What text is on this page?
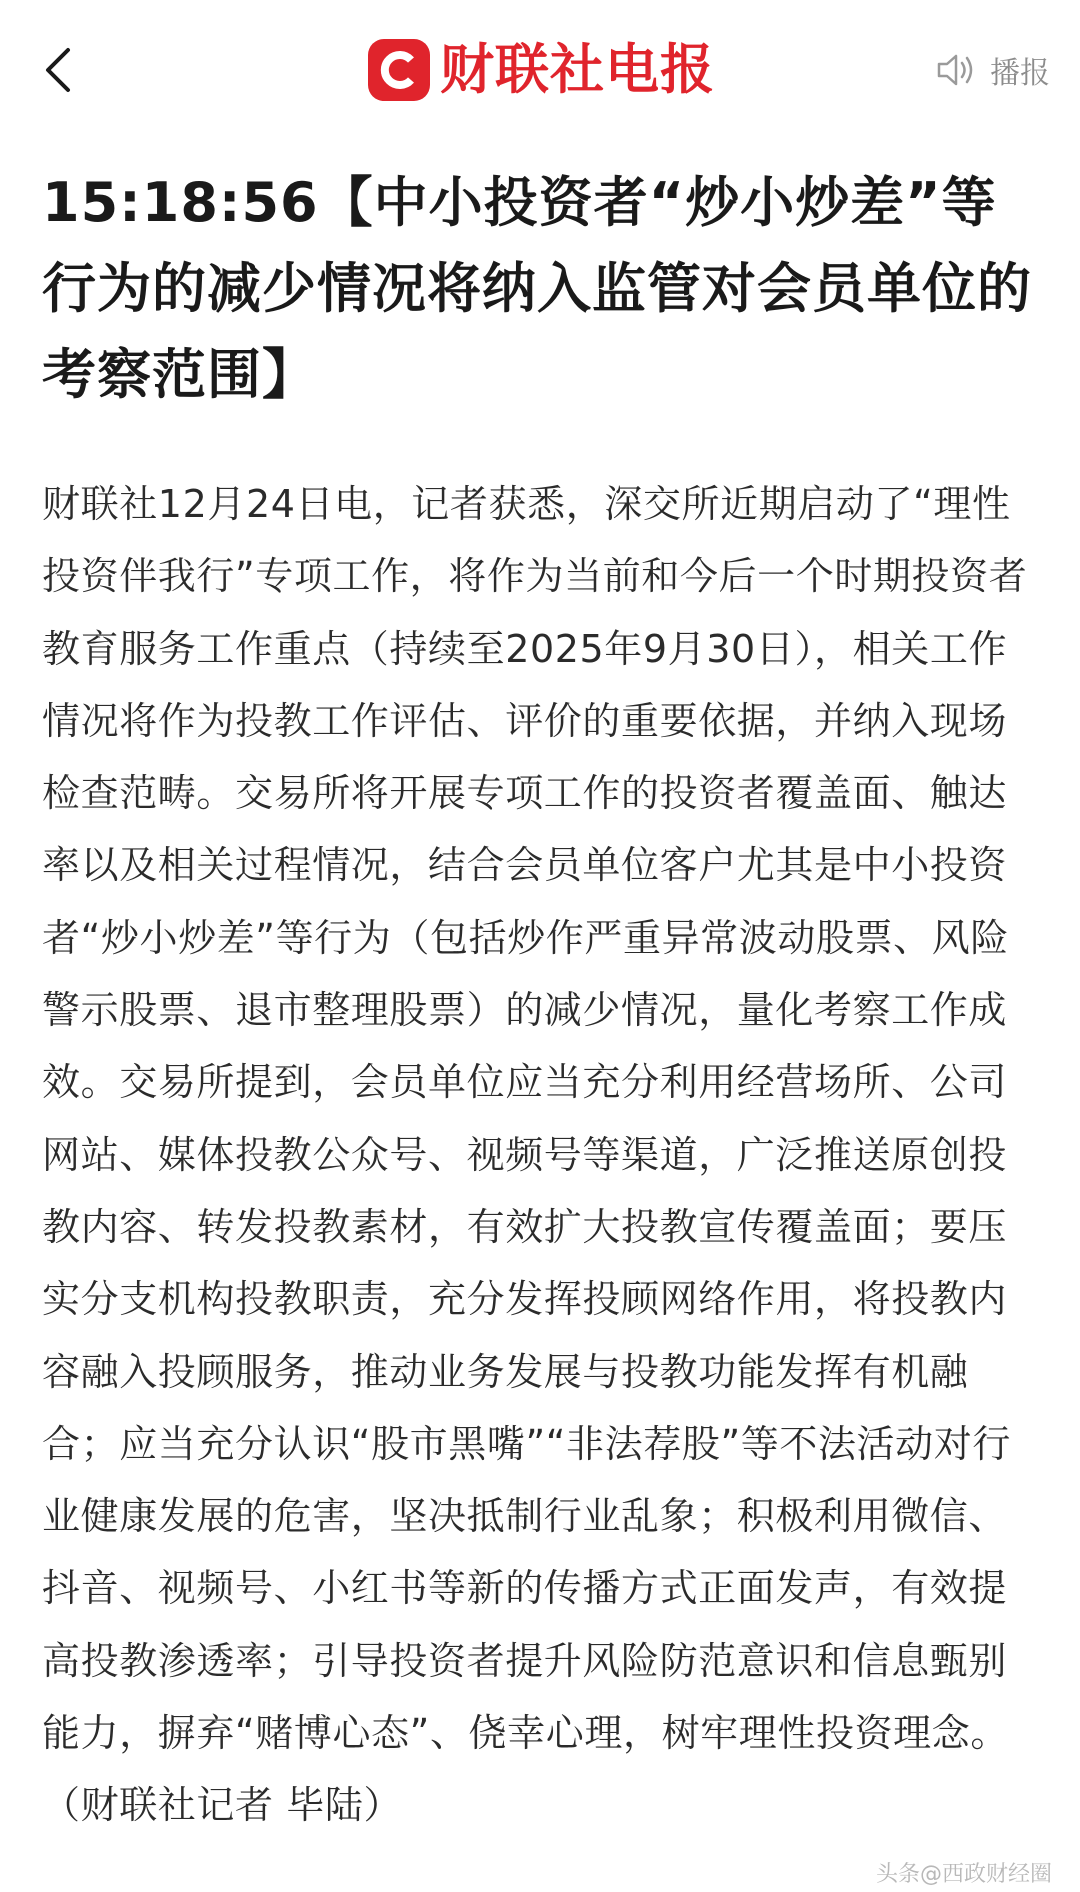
财联社电报	播报
15:18:56【中小投资者“炒小炒差”等行为的减少情况将纳入监管对会员单位的考察范围】

财联社12月24日电，记者获悉，深交所近期启动了“理性投资伴我行”专项工作，将作为当前和今后一个时期投资者教育服务工作重点（持续至2025年9月30日），相关工作情况将作为投教工作评估、评价的重要依据，并纳入现场检查范畴。交易所将开展专项工作的投资者覆盖面、触达率以及相关过程情况，结合会员单位客户尤其是中小投资者“炒小炒差”等行为（包括炒作严重异常波动股票、风险警示股票、退市整理股票）的减少情况，量化考察工作成效。交易所提到，会员单位应当充分利用经营场所、公司网站、媒体投教公众号、视频号等渠道，广泛推送原创投教内容、转发投教素材，有效扩大投教宣传覆盖面；要压实分支机构投教职责，充分发挥投顾网络作用，将投教内容融入投顾服务，推动业务发展与投教功能发挥有机融合；应当充分认识“股市黑嘴”“非法荐股”等不法活动对行业健康发展的危害，坚决抵制行业乱象；积极利用微信、抖音、视频号、小红书等新的传播方式正面发声，有效提高投教渗透率；引导投资者提升风险防范意识和信息甄别能力，摒弃“赌博心态”、侥幸心理，树牢理性投资理念。（财联社记者 毕陆）

头条@西政财经圈
